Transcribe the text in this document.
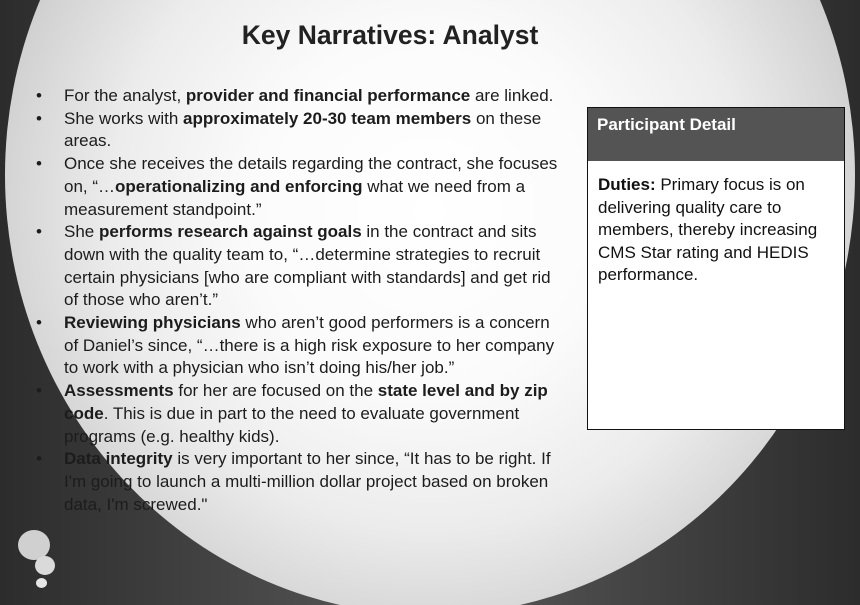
Key Narratives: Analyst
• For the analyst, provider and financial performance are linked.
• She works with approximately 20-30 team members on these areas.
• Once she receives the details regarding the contract, she focuses on, “…operationalizing and enforcing what we need from a measurement standpoint.”
• She performs research against goals in the contract and sits down with the quality team to, “…determine strategies to recruit certain physicians [who are compliant with standards] and get rid of those who aren’t.”
• Reviewing physicians who aren’t good performers is a concern of Daniel’s since, “…there is a high risk exposure to her company to work with a physician who isn’t doing his/her job.”
• Assessments for her are focused on the state level and by zip code. This is due in part to the need to evaluate government programs (e.g. healthy kids).
• Data integrity is very important to her since, “It has to be right. If I'm going to launch a multi-million dollar project based on broken data, I'm screwed."
Participant Detail
Duties: Primary focus is on delivering quality care to members, thereby increasing CMS Star rating and HEDIS performance.
